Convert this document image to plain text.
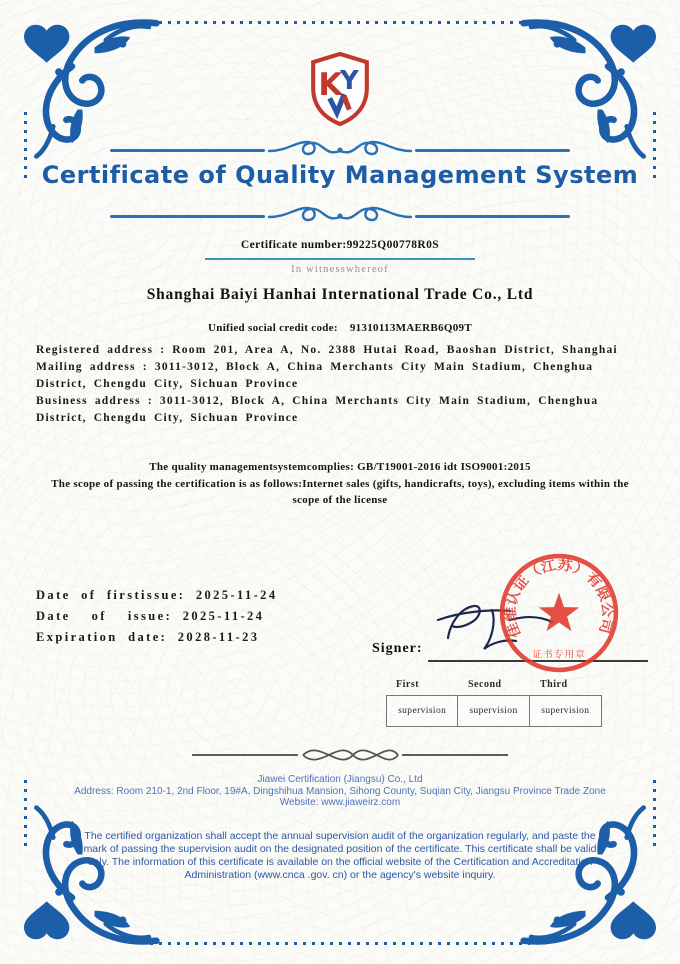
K
Y
Certificate of Quality Management System
Certificate number:99225Q00778R0S
In witnesswhereof
Shanghai Baiyi Hanhai International Trade Co., Ltd
Unified social credit code: 91310113MAERB6Q09T
Registered address : Room 201, Area A, No. 2388 Hutai Road, Baoshan District, Shanghai
Mailing address : 3011-3012, Block A, China Merchants City Main Stadium, Chenghua District, Chengdu City, Sichuan Province
Business address : 3011-3012, Block A, China Merchants City Main Stadium, Chenghua District, Chengdu City, Sichuan Province
The quality managementsystemcomplies: GB/T19001-2016 idt ISO9001:2015
The scope of passing the certification is as follows:Internet sales (gifts, handicrafts, toys), excluding items within the scope of the license
Date of firstissue: 2025-11-24
Date  of  issue: 2025-11-24
Expiration date: 2028-11-23
Signer:
佳维认证（江苏）有限公司
证书专用章
First	Second	Third
supervision	supervision	supervision
Jiawei Certification (Jiangsu) Co., Ltd
Address: Room 210-1, 2nd Floor, 19#A, Dingshihua Mansion, Sihong County, Suqian City, Jiangsu Province Trade Zone
Website: www.jiaweirz.com
The certified organization shall accept the annual supervision audit of the organization regularly, and paste the mark of passing the supervision audit on the designated position of the certificate. This certificate shall be valid only. The information of this certificate is available on the official website of the Certification and Accreditation Administration (www.cnca .gov. cn) or the agency's website inquiry.
